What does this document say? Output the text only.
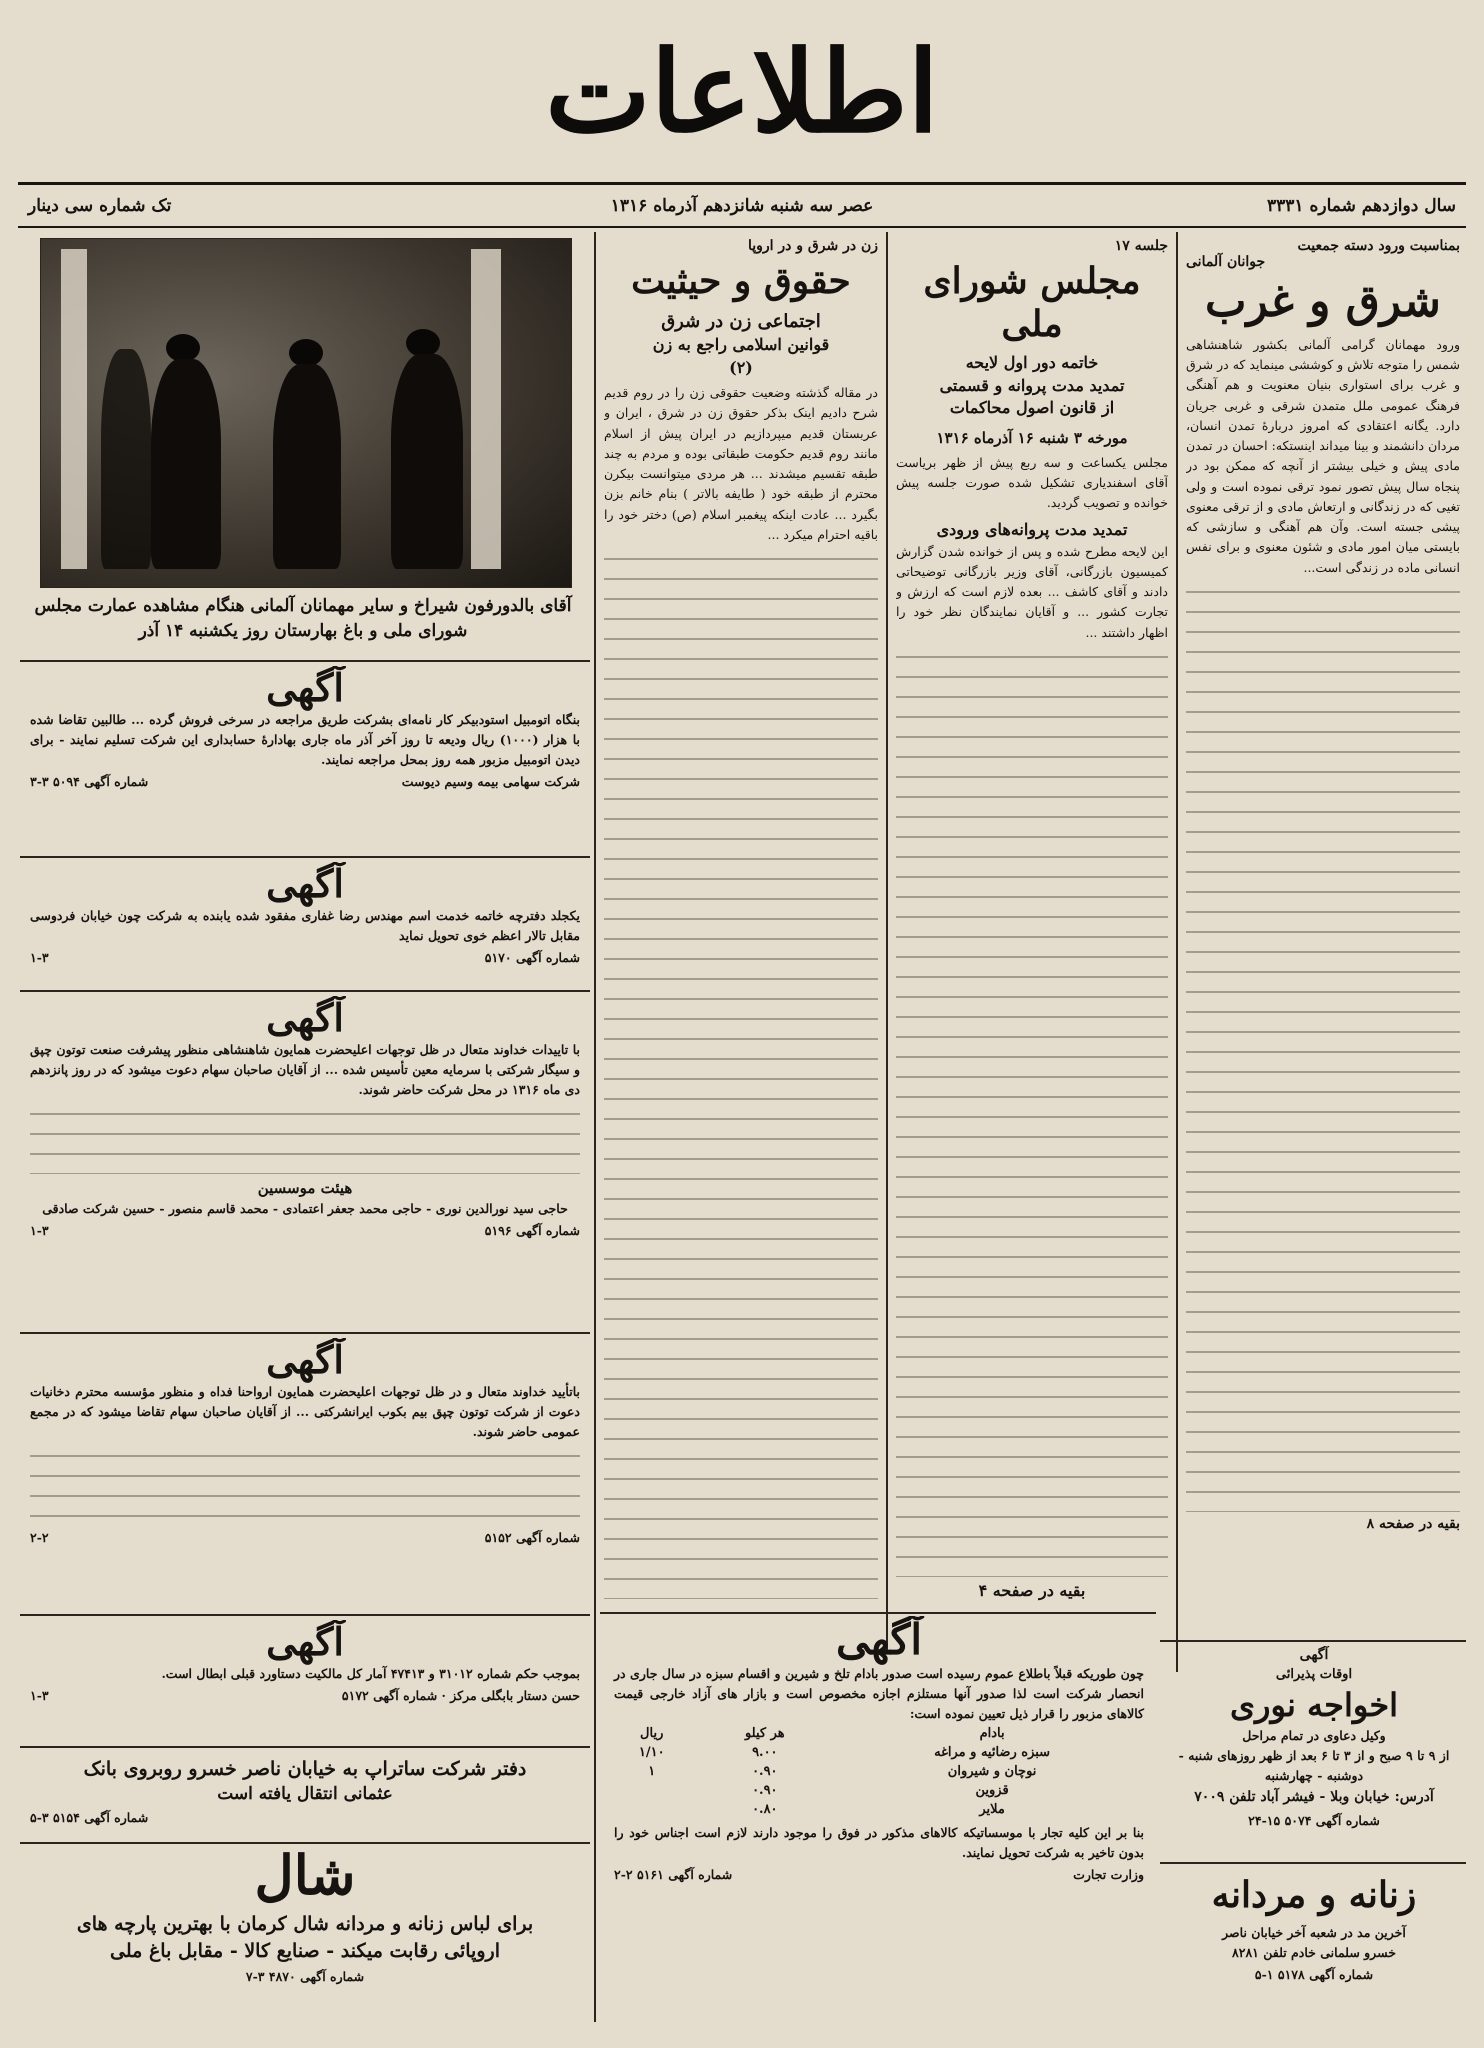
اطلاعات
سال دوازدهم شماره ۳۳۳۱
عصر سه شنبه شانزدهم آذرماه ۱۳۱۶
تک شماره سی دینار
بمناسبت ورود دسته جمعیت
جوانان آلمانی
شرق و غرب
ورود مهمانان گرامی آلمانی بکشور شاهنشاهی شمس را متوجه تلاش و کوششی مینماید که در شرق و غرب برای استواری بنیان معنویت و هم آهنگی فرهنگ عمومی ملل متمدن شرقی و غربی جریان دارد. یگانه اعتقادی که امروز دربارهٔ تمدن انسان، مردان دانشمند و بینا میداند اینستکه: احسان در تمدن مادی پیش و خیلی بیشتر از آنچه که ممکن بود در پنجاه سال پیش تصور نمود ترقی نموده است و ولی تغیی که در زندگانی و ارتعاش مادی و از ترقی معنوی پیشی جسته است. وآن هم آهنگی و سازشی که بایستی میان امور مادی و شئون معنوی و برای نفس انسانی ماده در زندگی است...
بقیه در صفحه ۸
جلسه ۱۷
مجلس شورای ملی
خاتمه دور اول لایحه
تمدید مدت پروانه و قسمتی
از قانون اصول محاکمات
مورخه ۳ شنبه ۱۶ آذرماه ۱۳۱۶
مجلس یکساعت و سه ربع پیش از ظهر بریاست آقای اسفندیاری تشکیل شده صورت جلسه پیش خوانده و تصویب گردید.
تمدید مدت پروانه‌های ورودی
این لایحه مطرح شده و پس از خوانده شدن گزارش کمیسیون بازرگانی، آقای وزیر بازرگانی توضیحاتی دادند و آقای کاشف ... بعده لازم است که ارزش و تجارت کشور ... و آقایان نمایندگان نظر خود را اظهار داشتند ...
بقیه در صفحه ۴
زن در شرق و در اروپا
حقوق و حیثیت
اجتماعی زن در شرق
قوانین اسلامی راجع به زن
(۲)
در مقاله گذشته وضعیت حقوقی زن را در روم قدیم شرح دادیم اینک بذکر حقوق زن در شرق ، ایران و عربستان قدیم میپردازیم در ایران پیش از اسلام مانند روم قدیم حکومت طبقاتی بوده و مردم به چند طبقه تقسیم میشدند ... هر مردی میتوانست بیکرن محترم از طبقه خود ( طایفه بالاتر ) بنام خانم بزن بگیرد ... عادت اینکه پیغمبر اسلام (ص) دختر خود را باقیه احترام میکرد ...
آقای بالدورفون شیراخ و سایر مهمانان آلمانی هنگام مشاهده عمارت مجلس شورای ملی و باغ بهارستان روز یکشنبه ۱۴ آذر
آگهی
بنگاه اتومبیل استودبیکر کار نامه‌ای بشرکت طریق مراجعه در سرخی فروش گرده ... طالبین تقاضا شده با هزار (۱۰۰۰) ریال ودیعه تا روز آخر آذر ماه جاری بهادارهٔ حسابداری این شرکت تسلیم نمایند - برای دیدن اتومبیل مزبور همه روز بمحل مراجعه نمایند.
شرکت سهامی بیمه وسیم دیوست
شماره آگهی ۵۰۹۴ ۳-۳
آگهی
یکجلد دفترچه خاتمه خدمت اسم مهندس رضا غفاری مفقود شده یابنده به شرکت چون خیابان فردوسی مقابل تالار اعظم خوی تحویل نماید
شماره آگهی ۵۱۷۰
۱-۳
آگهی
با تاییدات خداوند متعال در ظل توجهات اعلیحضرت همایون شاهنشاهی منظور پیشرفت صنعت توتون چپق و سیگار شرکتی با سرمایه معین تأسیس شده ... از آقایان صاحبان سهام دعوت میشود که در روز پانزدهم دی ماه ۱۳۱۶ در محل شرکت حاضر شوند.
هیئت موسسین
حاجی سید نورالدین نوری - حاجی محمد جعفر اعتمادی - محمد قاسم منصور - حسین شرکت صادقی
شماره آگهی ۵۱۹۶
۱-۳
آگهی
باتأیید خداوند متعال و در ظل توجهات اعلیحضرت همایون ارواحنا فداه و منظور مؤسسه محترم دخانیات دعوت از شرکت توتون چپق بیم بکوب ایرانشرکتی ... از آقایان صاحبان سهام تقاضا میشود که در مجمع عمومی حاضر شوند.
شماره آگهی ۵۱۵۲
۲-۲
آگهی
بموجب حکم شماره ۳۱۰۱۲ و ۴۷۴۱۳ آمار کل مالکیت دستاورد قبلی ابطال است.
حسن دستار بابگلی مرکز · شماره آگهی ۵۱۷۲
۱-۳
دفتر شرکت ساتراپ به خیابان ناصر خسرو روبروی بانک
عثمانی انتقال یافته است
شماره آگهی ۵۱۵۴ ۳-۵
شال
برای لباس زنانه و مردانه شال کرمان با بهترین پارچه های
اروپائی رقابت میکند - صنایع کالا - مقابل باغ ملی
شماره آگهی ۴۸۷۰ ۳-۷
آگهی
چون طوریکه قبلاً باطلاع عموم رسیده است صدور بادام تلخ و شیرین و اقسام سبزه در سال جاری در انحصار شرکت است لذا صدور آنها مستلزم اجازه مخصوص است و بازار های آزاد خارجی قیمت کالاهای مزبور را قرار ذیل تعیین نموده است:
بادام	هر کیلو	ریال
سبزه رضائیه و مراغه	۹.۰۰	۱/۱۰
نوچان و شیروان	۰.۹۰	۱
قزوین	۰.۹۰	
ملایر	۰.۸۰	
بنا بر این کلیه تجار با موسساتیکه کالاهای مذکور در فوق را موجود دارند لازم است اجناس خود را بدون تاخیر به شرکت تحویل نمایند.
وزارت تجارت
شماره آگهی ۵۱۶۱ ۲-۲
آگهی
اوقات پذیرائی
اخواجه نوری
وکیل دعاوی در تمام مراحل
از ۹ تا ۹ صبح و از ۳ تا ۶ بعد از ظهر روزهای شنبه - دوشنبه - چهارشنبه
آدرس: خیابان وبلا - فیشر آباد تلفن ۷۰۰۹
شماره آگهی ۵۰۷۴ ۱۵-۲۴
زنانه و مردانه
آخرین مد در شعبه آخر خیابان ناصر
خسرو سلمانی خادم تلفن ۸۲۸۱
شماره آگهی ۵۱۷۸ ۱-۵
